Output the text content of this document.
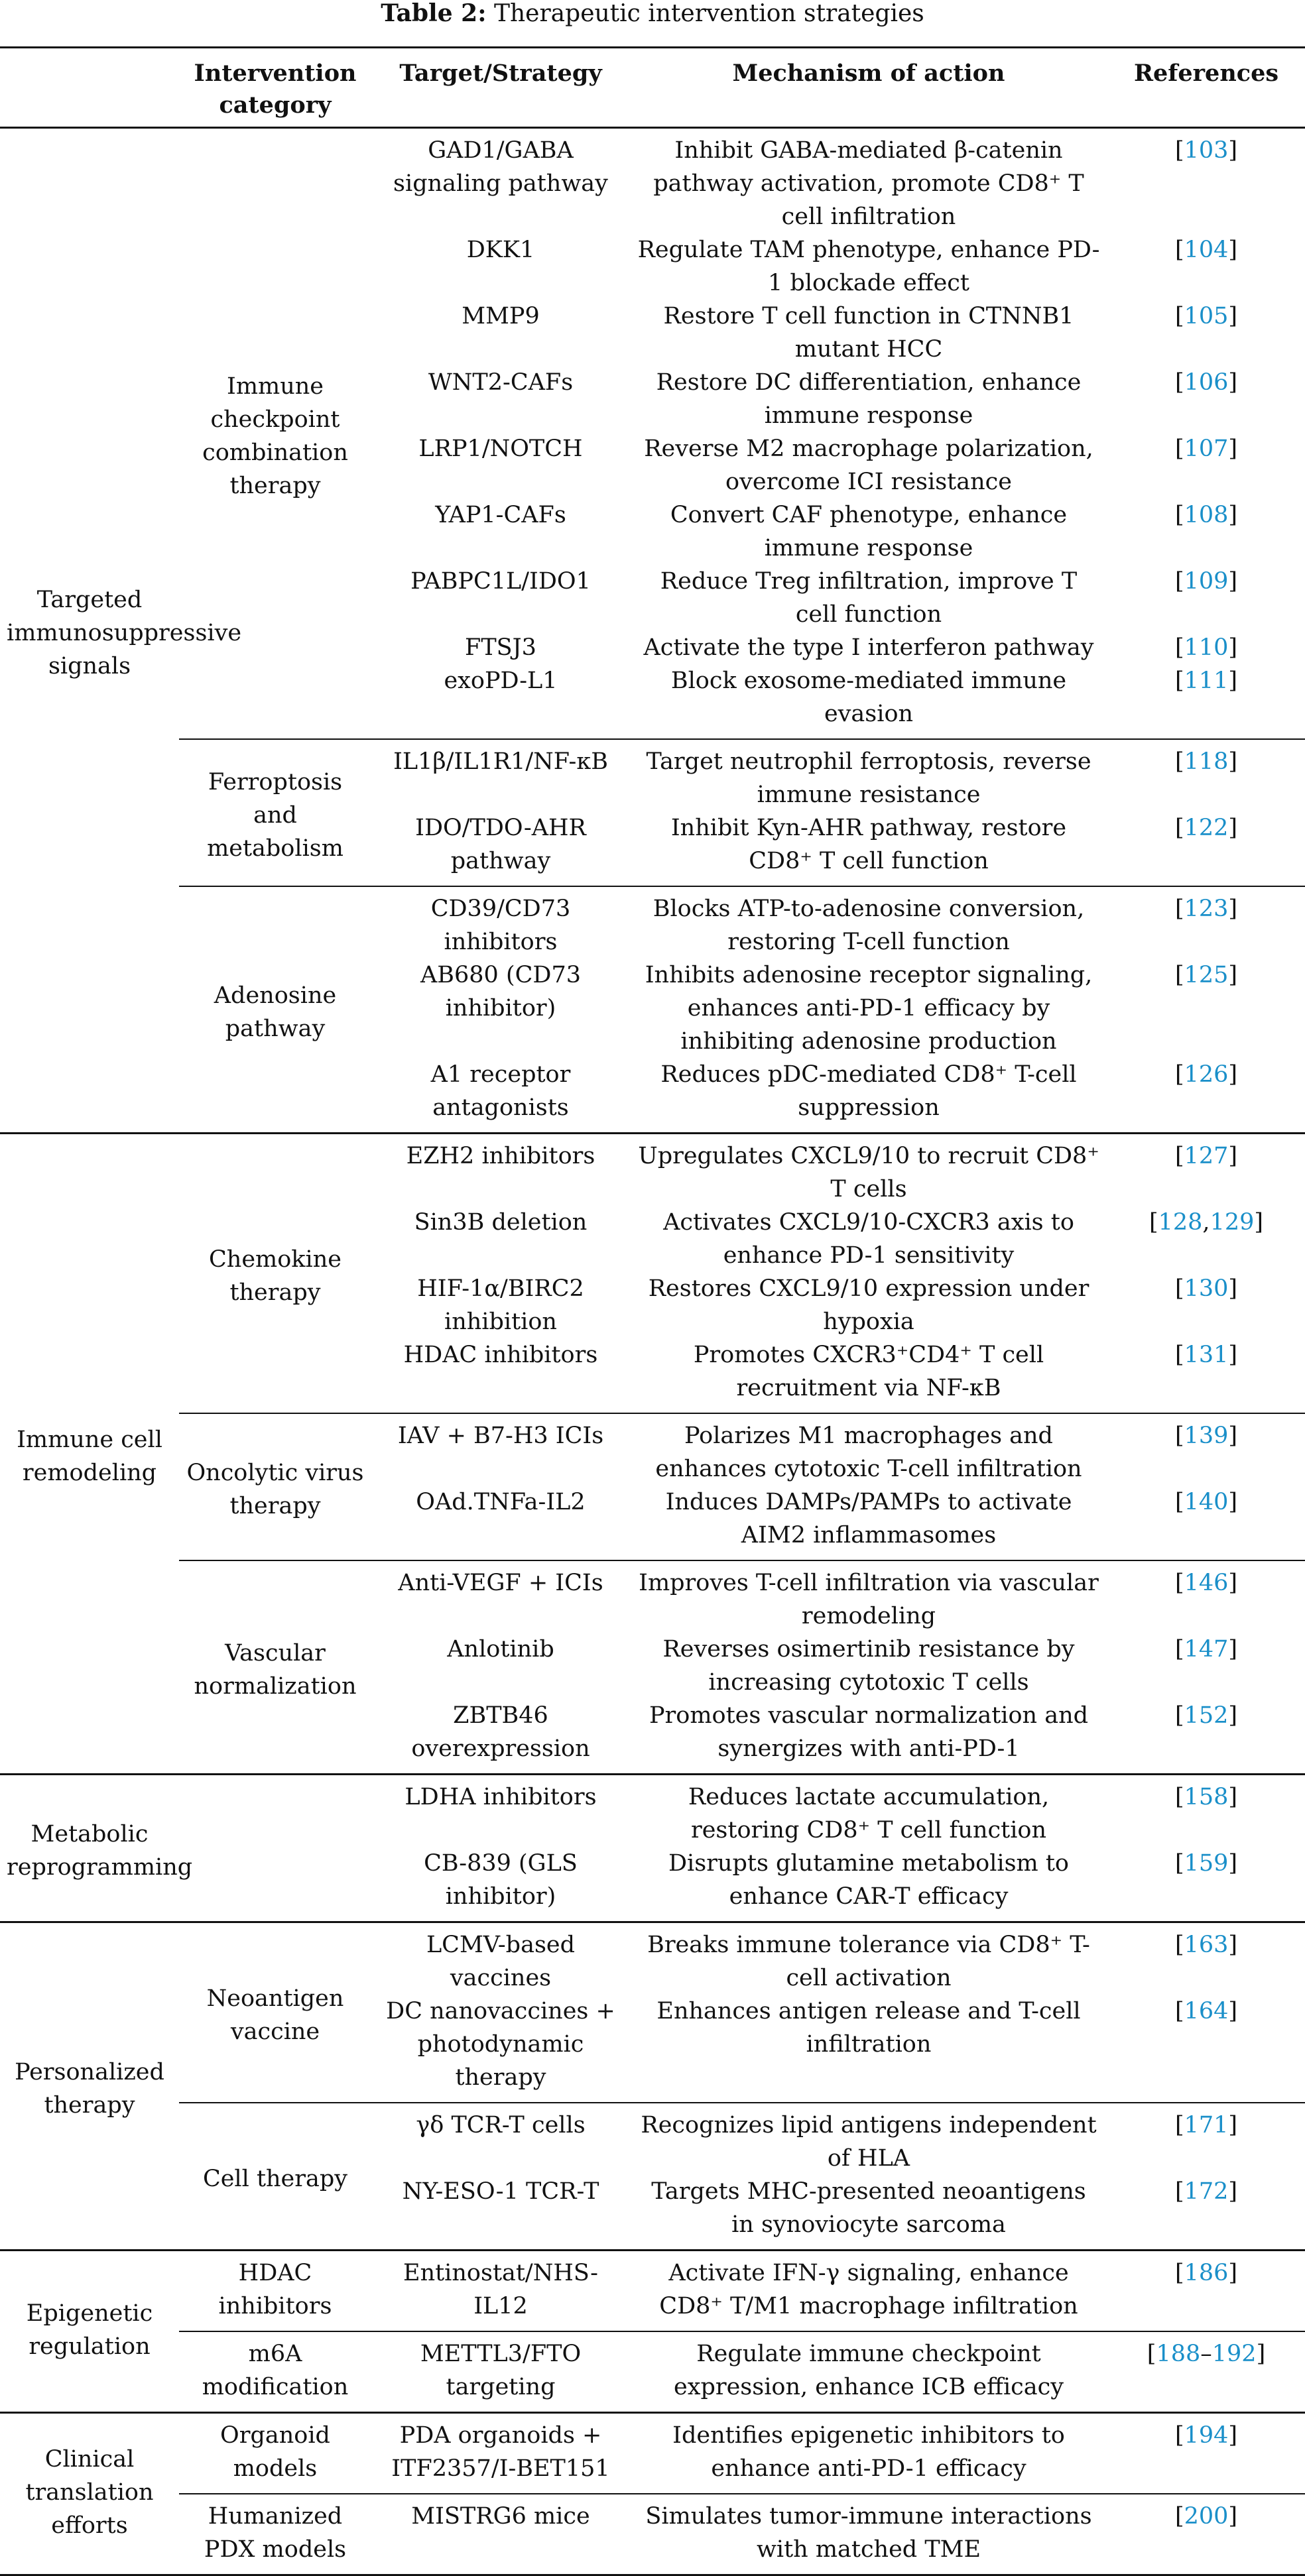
Table 2: Therapeutic intervention strategies
	Intervention category	Target/Strategy	Mechanism of action	References
Targeted immunosuppressive signals	Immune checkpoint combination therapy	GAD1/GABA signaling pathway	Inhibit GABA-mediated β-catenin pathway activation, promote CD8⁺ T cell infiltration	[103]
		DKK1	Regulate TAM phenotype, enhance PD-1 blockade effect	[104]
		MMP9	Restore T cell function in CTNNB1 mutant HCC	[105]
		WNT2-CAFs	Restore DC differentiation, enhance immune response	[106]
		LRP1/NOTCH	Reverse M2 macrophage polarization, overcome ICI resistance	[107]
		YAP1-CAFs	Convert CAF phenotype, enhance immune response	[108]
		PABPC1L/IDO1	Reduce Treg infiltration, improve T cell function	[109]
		FTSJ3	Activate the type I interferon pathway	[110]
		exoPD-L1	Block exosome-mediated immune evasion	[111]
	Ferroptosis and metabolism	IL1β/IL1R1/NF-κB	Target neutrophil ferroptosis, reverse immune resistance	[118]
		IDO/TDO-AHR pathway	Inhibit Kyn-AHR pathway, restore CD8⁺ T cell function	[122]
	Adenosine pathway	CD39/CD73 inhibitors	Blocks ATP-to-adenosine conversion, restoring T-cell function	[123]
		AB680 (CD73 inhibitor)	Inhibits adenosine receptor signaling, enhances anti-PD-1 efficacy by inhibiting adenosine production	[125]
		A1 receptor antagonists	Reduces pDC-mediated CD8⁺ T-cell suppression	[126]
Immune cell remodeling	Chemokine therapy	EZH2 inhibitors	Upregulates CXCL9/10 to recruit CD8⁺ T cells	[127]
		Sin3B deletion	Activates CXCL9/10-CXCR3 axis to enhance PD-1 sensitivity	[128,129]
		HIF-1α/BIRC2 inhibition	Restores CXCL9/10 expression under hypoxia	[130]
		HDAC inhibitors	Promotes CXCR3⁺CD4⁺ T cell recruitment via NF-κB	[131]
	Oncolytic virus therapy	IAV + B7-H3 ICIs	Polarizes M1 macrophages and enhances cytotoxic T-cell infiltration	[139]
		OAd.TNFa-IL2	Induces DAMPs/PAMPs to activate AIM2 inflammasomes	[140]
	Vascular normalization	Anti-VEGF + ICIs	Improves T-cell infiltration via vascular remodeling	[146]
		Anlotinib	Reverses osimertinib resistance by increasing cytotoxic T cells	[147]
		ZBTB46 overexpression	Promotes vascular normalization and synergizes with anti-PD-1	[152]
Metabolic reprogramming		LDHA inhibitors	Reduces lactate accumulation, restoring CD8⁺ T cell function	[158]
		CB-839 (GLS inhibitor)	Disrupts glutamine metabolism to enhance CAR-T efficacy	[159]
Personalized therapy	Neoantigen vaccine	LCMV-based vaccines	Breaks immune tolerance via CD8⁺ T-cell activation	[163]
		DC nanovaccines + photodynamic therapy	Enhances antigen release and T-cell infiltration	[164]
	Cell therapy	γδ TCR-T cells	Recognizes lipid antigens independent of HLA	[171]
		NY-ESO-1 TCR-T	Targets MHC-presented neoantigens in synoviocyte sarcoma	[172]
Epigenetic regulation	HDAC inhibitors	Entinostat/NHS-IL12	Activate IFN-γ signaling, enhance CD8⁺ T/M1 macrophage infiltration	[186]
	m6A modification	METTL3/FTO targeting	Regulate immune checkpoint expression, enhance ICB efficacy	[188–192]
Clinical translation efforts	Organoid models	PDA organoids + ITF2357/I-BET151	Identifies epigenetic inhibitors to enhance anti-PD-1 efficacy	[194]
	Humanized PDX models	MISTRG6 mice	Simulates tumor-immune interactions with matched TME	[200]
